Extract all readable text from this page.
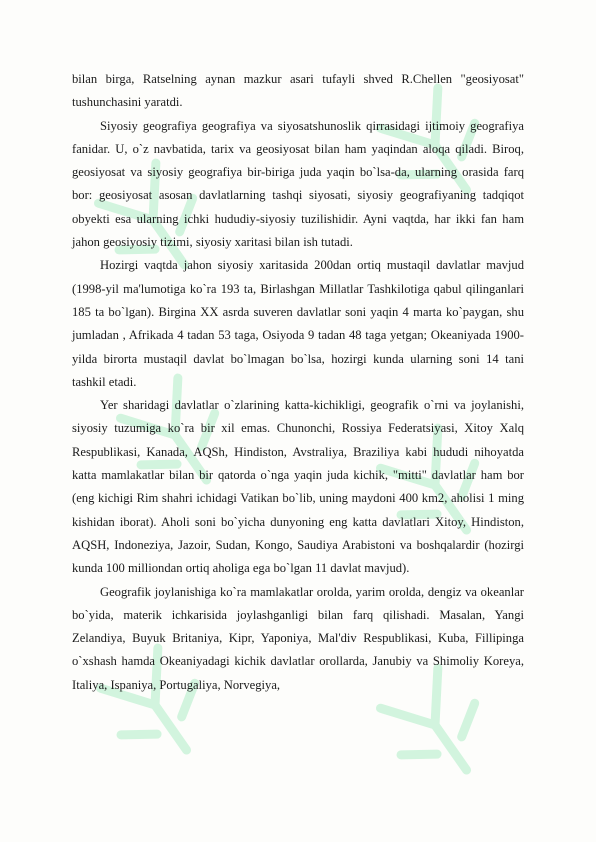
bilan birga, Ratselning aynan mazkur asari tufayli shved R.Chellen "geosiyosat" tushunchasini yaratdi.

Siyosiy geografiya geografiya va siyosatshunoslik qirrasidagi ijtimoiy geografiya fanidar. U, o`z navbatida, tarix va geosiyosat bilan ham yaqindan aloqa qiladi. Biroq, geosiyosat va siyosiy geografiya bir-biriga juda yaqin bo`lsa-da, ularning orasida farq bor: geosiyosat asosan davlatlarning tashqi siyosati, siyosiy geografiyaning tadqiqot obyekti esa ularning ichki hududiy-siyosiy tuzilishidir. Ayni vaqtda, har ikki fan ham jahon geosiyosiy tizimi, siyosiy xaritasi bilan ish tutadi.

Hozirgi vaqtda jahon siyosiy xaritasida 200dan ortiq mustaqil davlatlar mavjud (1998-yil ma'lumotiga ko`ra 193 ta, Birlashgan Millatlar Tashkilotiga qabul qilinganlari 185 ta bo`lgan). Birgina XX asrda suveren davlatlar soni yaqin 4 marta ko`paygan, shu jumladan , Afrikada 4 tadan 53 taga, Osiyoda 9 tadan 48 taga yetgan; Okeaniyada 1900-yilda birorta mustaqil davlat bo`lmagan bo`lsa, hozirgi kunda ularning soni 14 tani tashkil etadi.

Yer sharidagi davlatlar o`zlarining katta-kichikligi, geografik o`rni va joylanishi, siyosiy tuzumiga ko`ra bir xil emas. Chunonchi, Rossiya Federatsiyasi, Xitoy Xalq Respublikasi, Kanada, AQSh, Hindiston, Avstraliya, Braziliya kabi hududi nihoyatda katta mamlakatlar bilan bir qatorda o`nga yaqin juda kichik, "mitti" davlatlar ham bor (eng kichigi Rim shahri ichidagi Vatikan bo`lib, uning maydoni 400 km2, aholisi 1 ming kishidan iborat). Aholi soni bo`yicha dunyoning eng katta davlatlari Xitoy, Hindiston, AQSH, Indoneziya, Jazoir, Sudan, Kongo, Saudiya Arabistoni va boshqalardir (hozirgi kunda 100 milliondan ortiq aholiga ega bo`lgan 11 davlat mavjud).

Geografik joylanishiga ko`ra mamlakatlar orolda, yarim orolda, dengiz va okeanlar bo`yida, materik ichkarisida joylashganligi bilan farq qilishadi. Masalan, Yangi Zelandiya, Buyuk Britaniya, Kipr, Yaponiya, Mal'div Respublikasi, Kuba, Fillipinga o`xshash hamda Okeaniyadagi kichik davlatlar orollarda, Janubiy va Shimoliy Koreya, Italiya, Ispaniya, Portugaliya, Norvegiya,
